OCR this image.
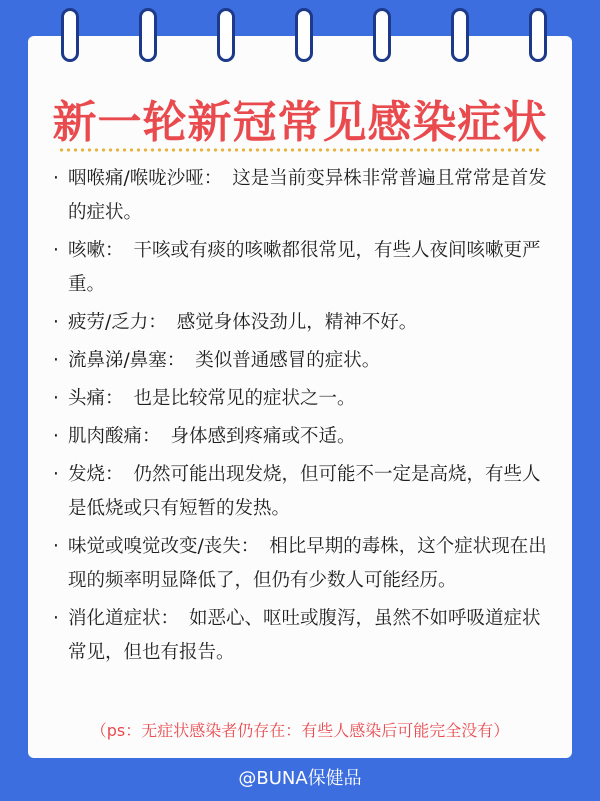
新一轮新冠常见感染症状
· 咽喉痛/喉咙沙哑： 这是当前变异株非常普遍且常常是首发的症状。
· 咳嗽： 干咳或有痰的咳嗽都很常见，有些人夜间咳嗽更严重。
· 疲劳/乏力： 感觉身体没劲儿，精神不好。
· 流鼻涕/鼻塞： 类似普通感冒的症状。
· 头痛： 也是比较常见的症状之一。
· 肌肉酸痛： 身体感到疼痛或不适。
· 发烧： 仍然可能出现发烧，但可能不一定是高烧，有些人是低烧或只有短暂的发热。
· 味觉或嗅觉改变/丧失： 相比早期的毒株，这个症状现在出现的频率明显降低了，但仍有少数人可能经历。
· 消化道症状： 如恶心、呕吐或腹泻，虽然不如呼吸道症状常见，但也有报告。
（ps：无症状感染者仍存在：有些人感染后可能完全没有）
@BUNA保健品
